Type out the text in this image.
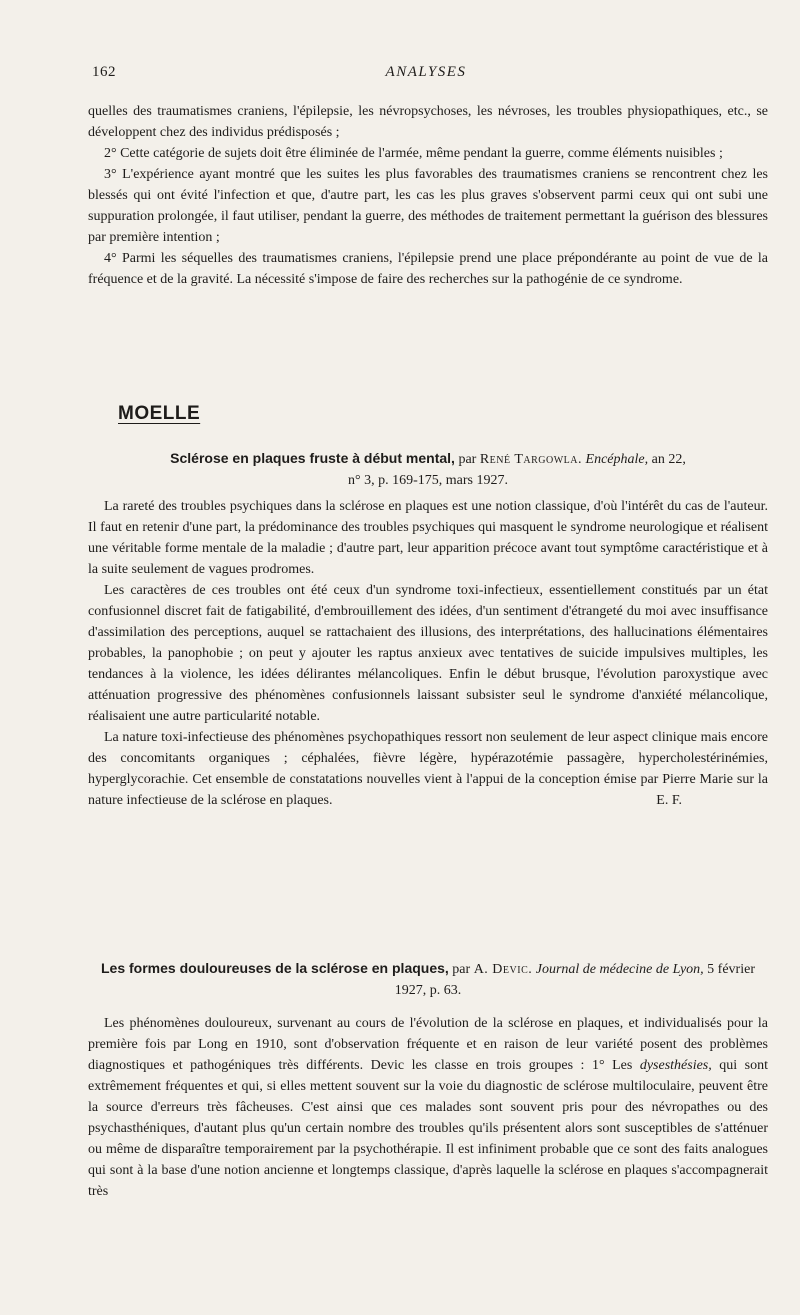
162	ANALYSES

quelles des traumatismes craniens, l'épilepsie, les névropsychoses, les névroses, les troubles physiopathiques, etc., se développent chez des individus prédisposés ;

2° Cette catégorie de sujets doit être éliminée de l'armée, même pendant la guerre, comme éléments nuisibles ;

3° L'expérience ayant montré que les suites les plus favorables des traumatismes craniens se rencontrent chez les blessés qui ont évité l'infection et que, d'autre part, les cas les plus graves s'observent parmi ceux qui ont subi une suppuration prolongée, il faut utiliser, pendant la guerre, des méthodes de traitement permettant la guérison des blessures par première intention ;

4° Parmi les séquelles des traumatismes craniens, l'épilepsie prend une place prépondérante au point de vue de la fréquence et de la gravité. La nécessité s'impose de faire des recherches sur la pathogénie de ce syndrome.

MOELLE
Sclérose en plaques fruste à début mental, par René Targowla. Encéphale, an 22,
n° 3, p. 169-175, mars 1927.

La rareté des troubles psychiques dans la sclérose en plaques est une notion classique, d'où l'intérêt du cas de l'auteur. Il faut en retenir d'une part, la prédominance des troubles psychiques qui masquent le syndrome neurologique et réalisent une véritable forme mentale de la maladie ; d'autre part, leur apparition précoce avant tout symptôme caractéristique et à la suite seulement de vagues prodromes.

Les caractères de ces troubles ont été ceux d'un syndrome toxi-infectieux, essentiellement constitués par un état confusionnel discret fait de fatigabilité, d'embrouillement des idées, d'un sentiment d'étrangeté du moi avec insuffisance d'assimilation des perceptions, auquel se rattachaient des illusions, des interprétations, des hallucinations élémentaires probables, la panophobie ; on peut y ajouter les raptus anxieux avec tentatives de suicide impulsives multiples, les tendances à la violence, les idées délirantes mélancoliques. Enfin le début brusque, l'évolution paroxystique avec atténuation progressive des phénomènes confusionnels laissant subsister seul le syndrome d'anxiété mélancolique, réalisaient une autre particularité notable.

La nature toxi-infectieuse des phénomènes psychopathiques ressort non seulement de leur aspect clinique mais encore des concomitants organiques ; céphalées, fièvre légère, hypérazotémie passagère, hypercholestérinémies, hyperglycorachie. Cet ensemble de constatations nouvelles vient à l'appui de la conception émise par Pierre Marie sur la nature infectieuse de la sclérose en plaques.	E. F.

Les formes douloureuses de la sclérose en plaques, par A. Devic. Journal de médecine de Lyon, 5 février 1927, p. 63.

Les phénomènes douloureux, survenant au cours de l'évolution de la sclérose en plaques, et individualisés pour la première fois par Long en 1910, sont d'observation fréquente et en raison de leur variété posent des problèmes diagnostiques et pathogéniques très différents. Devic les classe en trois groupes : 1° Les dysesthésies, qui sont extrêmement fréquentes et qui, si elles mettent souvent sur la voie du diagnostic de sclérose multiloculaire, peuvent être la source d'erreurs très fâcheuses. C'est ainsi que ces malades sont souvent pris pour des névropathes ou des psychasthéniques, d'autant plus qu'un certain nombre des troubles qu'ils présentent alors sont susceptibles de s'atténuer ou même de disparaître temporairement par la psychothérapie. Il est infiniment probable que ce sont des faits analogues qui sont à la base d'une notion ancienne et longtemps classique, d'après laquelle la sclérose en plaques s'accompagnerait très
